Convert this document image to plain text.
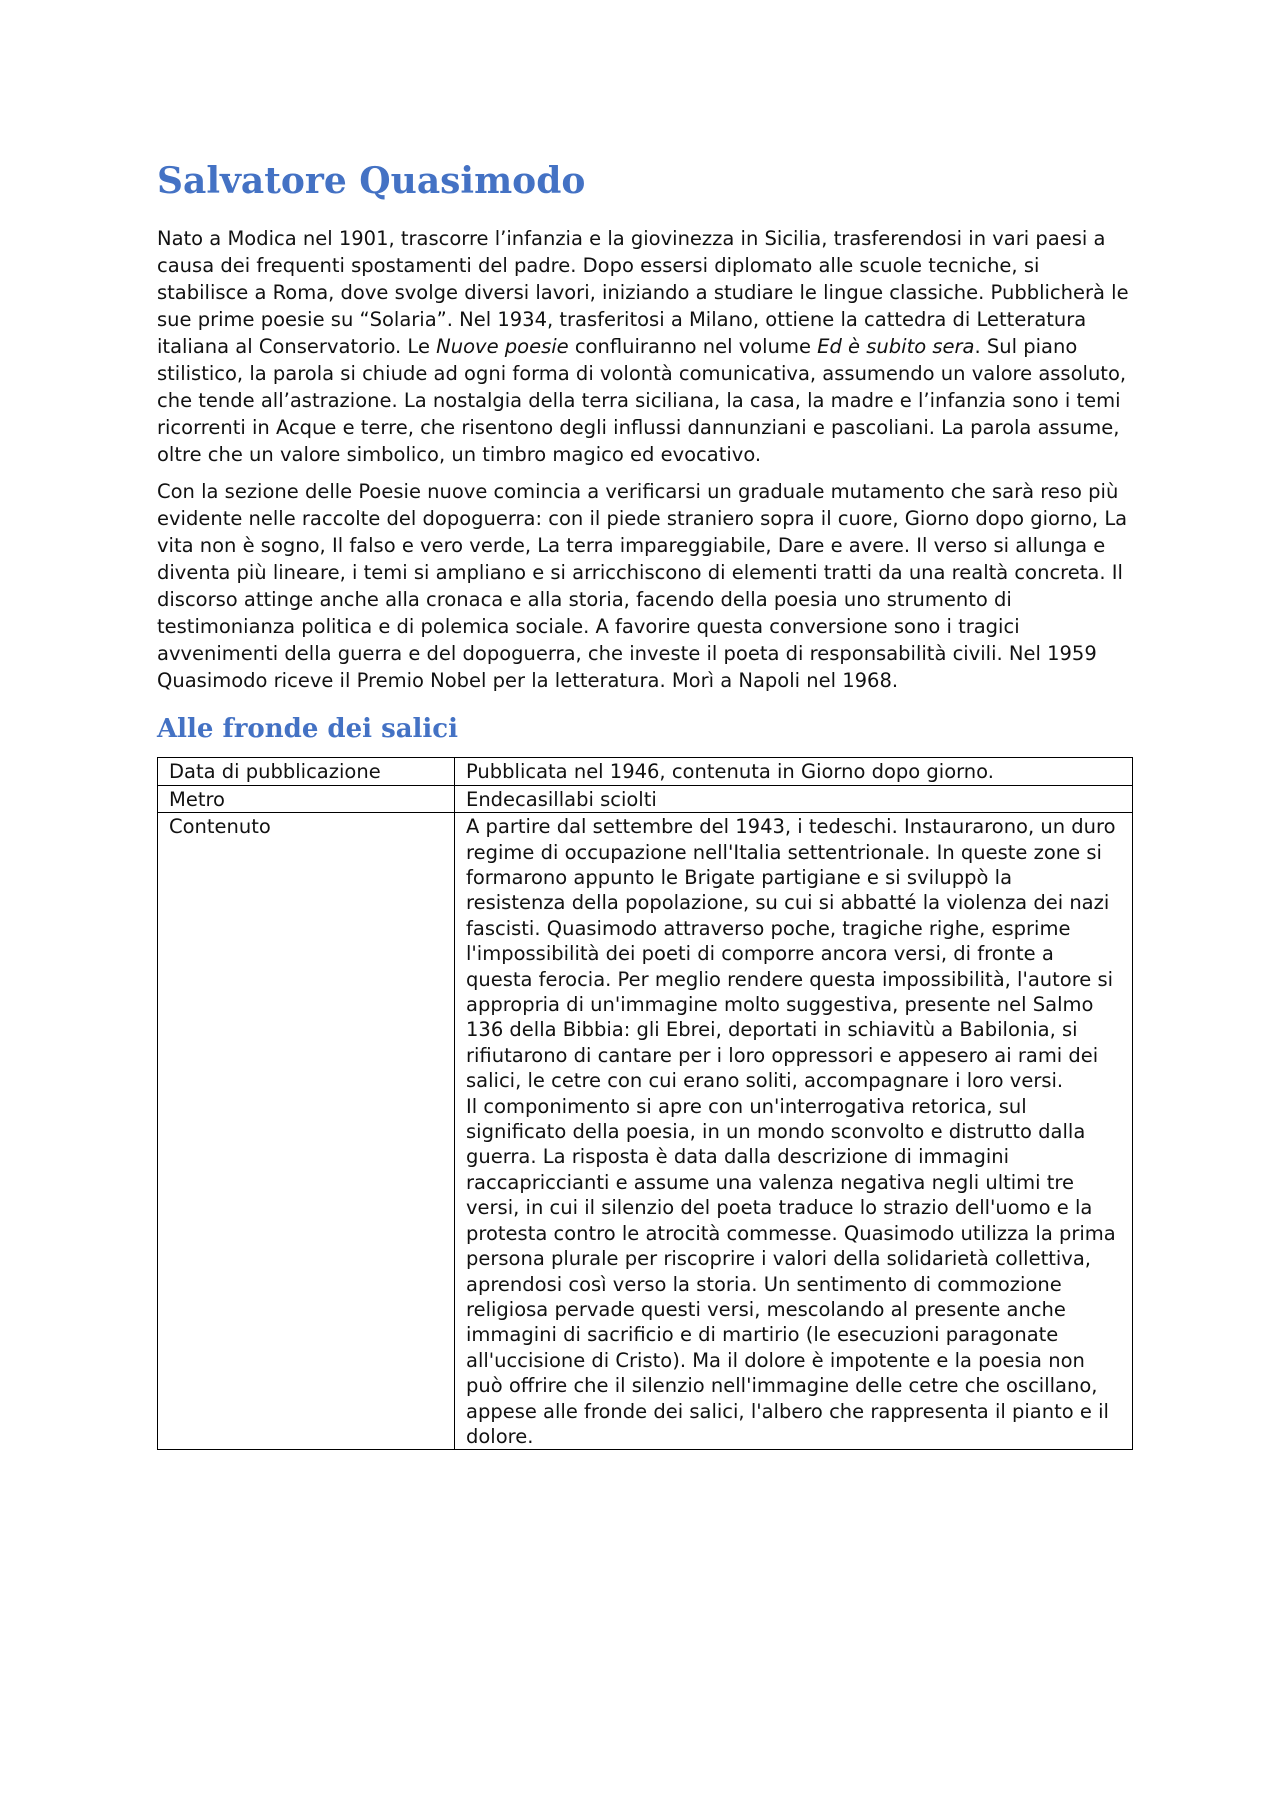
Salvatore Quasimodo

Nato a Modica nel 1901, trascorre l’infanzia e la giovinezza in Sicilia, trasferendosi in vari paesi a causa dei frequenti spostamenti del padre. Dopo essersi diplomato alle scuole tecniche, si stabilisce a Roma, dove svolge diversi lavori, iniziando a studiare le lingue classiche. Pubblicherà le sue prime poesie su “Solaria”. Nel 1934, trasferitosi a Milano, ottiene la cattedra di Letteratura italiana al Conservatorio. Le Nuove poesie confluiranno nel volume Ed è subito sera. Sul piano stilistico, la parola si chiude ad ogni forma di volontà comunicativa, assumendo un valore assoluto, che tende all’astrazione. La nostalgia della terra siciliana, la casa, la madre e l’infanzia sono i temi ricorrenti in Acque e terre, che risentono degli influssi dannunziani e pascoliani. La parola assume, oltre che un valore simbolico, un timbro magico ed evocativo.

Con la sezione delle Poesie nuove comincia a verificarsi un graduale mutamento che sarà reso più evidente nelle raccolte del dopoguerra: con il piede straniero sopra il cuore, Giorno dopo giorno, La vita non è sogno, Il falso e vero verde, La terra impareggiabile, Dare e avere. Il verso si allunga e diventa più lineare, i temi si ampliano e si arricchiscono di elementi tratti da una realtà concreta. Il discorso attinge anche alla cronaca e alla storia, facendo della poesia uno strumento di testimonianza politica e di polemica sociale. A favorire questa conversione sono i tragici avvenimenti della guerra e del dopoguerra, che investe il poeta di responsabilità civili. Nel 1959 Quasimodo riceve il Premio Nobel per la letteratura. Morì a Napoli nel 1968.

Alle fronde dei salici
Data di pubblicazione	Pubblicata nel 1946, contenuta in Giorno dopo giorno.
Metro	Endecasillabi sciolti
Contenuto	A partire dal settembre del 1943, i tedeschi. Instaurarono, un duro regime di occupazione nell'Italia settentrionale. In queste zone si formarono appunto le Brigate partigiane e si sviluppò la resistenza della popolazione, su cui si abbatté la violenza dei nazi fascisti. Quasimodo attraverso poche, tragiche righe, esprime l'impossibilità dei poeti di comporre ancora versi, di fronte a questa ferocia. Per meglio rendere questa impossibilità, l'autore si appropria di un'immagine molto suggestiva, presente nel Salmo 136 della Bibbia: gli Ebrei, deportati in schiavitù a Babilonia, si rifiutarono di cantare per i loro oppressori e appesero ai rami dei salici, le cetre con cui erano soliti, accompagnare i loro versi.
Il componimento si apre con un'interrogativa retorica, sul significato della poesia, in un mondo sconvolto e distrutto dalla guerra. La risposta è data dalla descrizione di immagini raccapriccianti e assume una valenza negativa negli ultimi tre versi, in cui il silenzio del poeta traduce lo strazio dell'uomo e la protesta contro le atrocità commesse. Quasimodo utilizza la prima persona plurale per riscoprire i valori della solidarietà collettiva, aprendosi così verso la storia. Un sentimento di commozione religiosa pervade questi versi, mescolando al presente anche immagini di sacrificio e di martirio (le esecuzioni paragonate all'uccisione di Cristo). Ma il dolore è impotente e la poesia non può offrire che il silenzio nell'immagine delle cetre che oscillano, appese alle fronde dei salici, l'albero che rappresenta il pianto e il dolore.
